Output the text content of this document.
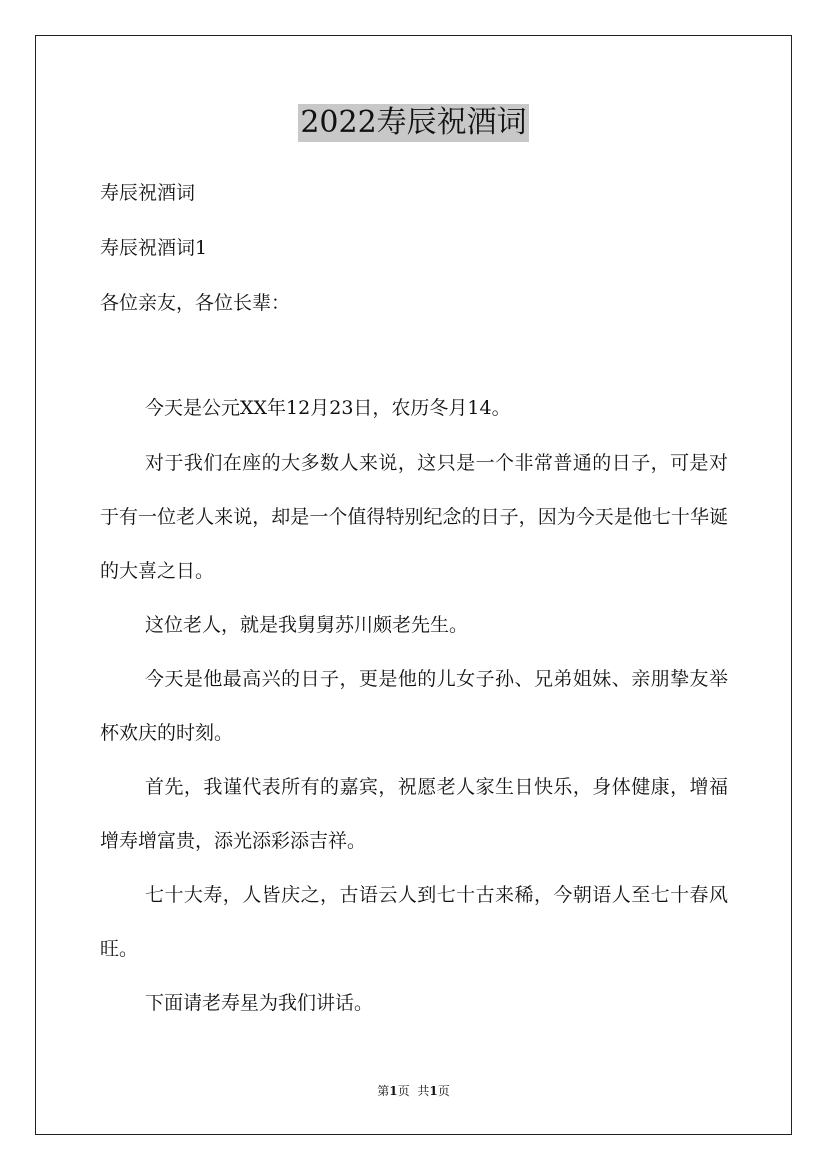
2022寿辰祝酒词
寿辰祝酒词
寿辰祝酒词1
各位亲友，各位长辈：

今天是公元XX年12月23日，农历冬月14。

对于我们在座的大多数人来说，这只是一个非常普通的日子，可是对于有一位老人来说，却是一个值得特别纪念的日子，因为今天是他七十华诞的大喜之日。

这位老人，就是我舅舅苏川颇老先生。

今天是他最高兴的日子，更是他的儿女子孙、兄弟姐妹、亲朋挚友举杯欢庆的时刻。

首先，我谨代表所有的嘉宾，祝愿老人家生日快乐，身体健康，增福增寿增富贵，添光添彩添吉祥。

七十大寿，人皆庆之，古语云人到七十古来稀，今朝语人至七十春风旺。

下面请老寿星为我们讲话。

第1页 共1页
